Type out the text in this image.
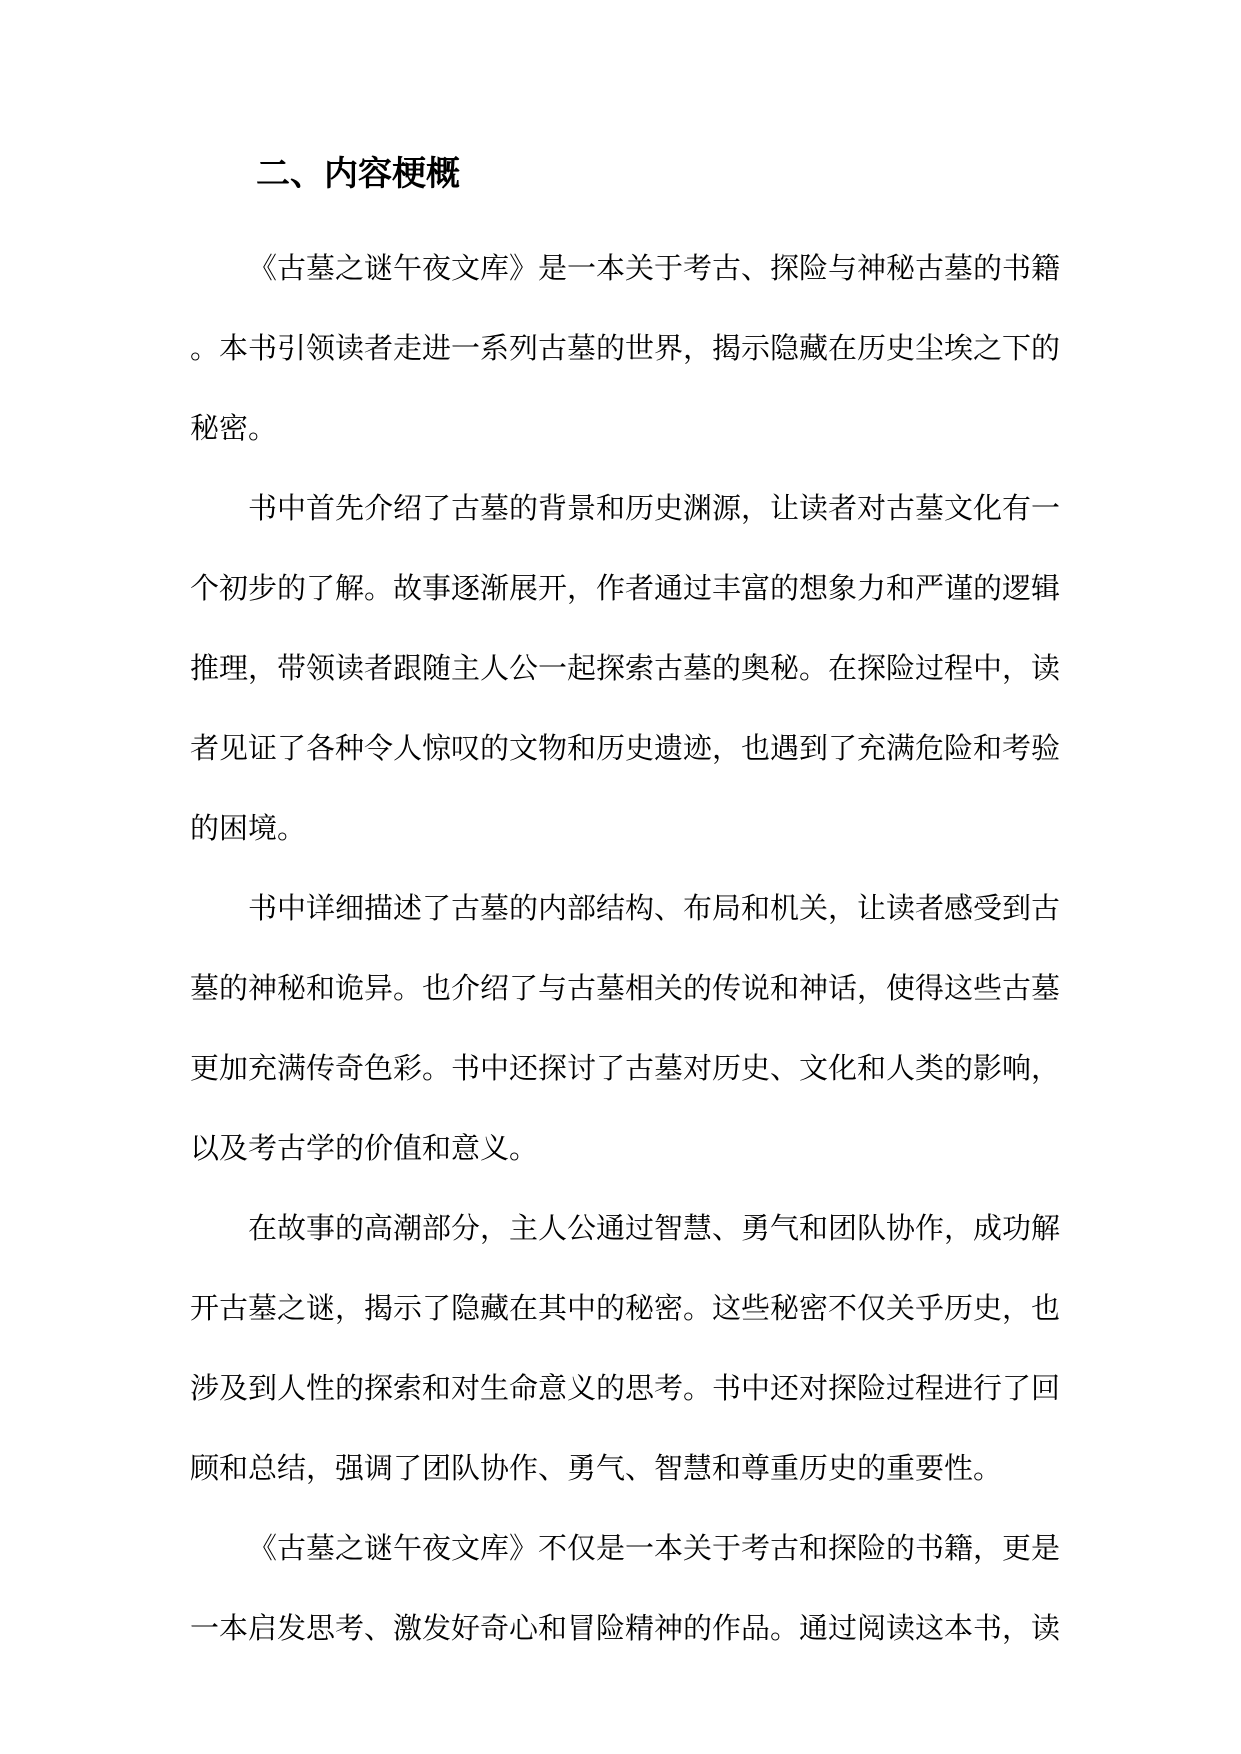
二、内容梗概

《古墓之谜午夜文库》是一本关于考古、探险与神秘古墓的书籍。本书引领读者走进一系列古墓的世界，揭示隐藏在历史尘埃之下的秘密。

书中首先介绍了古墓的背景和历史渊源，让读者对古墓文化有一个初步的了解。故事逐渐展开，作者通过丰富的想象力和严谨的逻辑推理，带领读者跟随主人公一起探索古墓的奥秘。在探险过程中，读者见证了各种令人惊叹的文物和历史遗迹，也遇到了充满危险和考验的困境。

书中详细描述了古墓的内部结构、布局和机关，让读者感受到古墓的神秘和诡异。也介绍了与古墓相关的传说和神话，使得这些古墓更加充满传奇色彩。书中还探讨了古墓对历史、文化和人类的影响，以及考古学的价值和意义。

在故事的高潮部分，主人公通过智慧、勇气和团队协作，成功解开古墓之谜，揭示了隐藏在其中的秘密。这些秘密不仅关乎历史，也涉及到人性的探索和对生命意义的思考。书中还对探险过程进行了回顾和总结，强调了团队协作、勇气、智慧和尊重历史的重要性。

《古墓之谜午夜文库》不仅是一本关于考古和探险的书籍，更是一本启发思考、激发好奇心和冒险精神的作品。通过阅读这本书，读
